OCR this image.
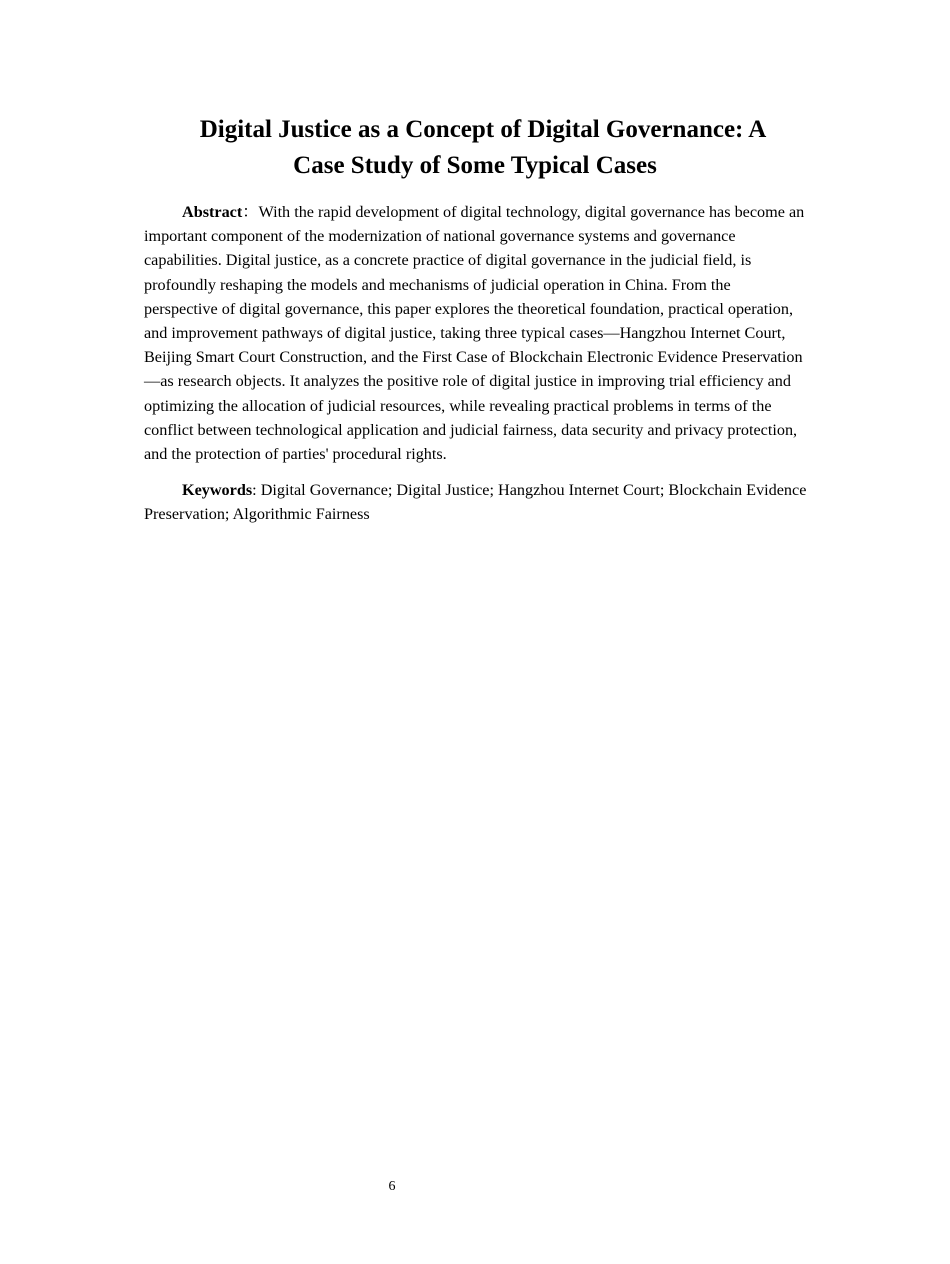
Digital Justice as a Concept of Digital Governance: A
Case Study of Some Typical Cases

Abstract：With the rapid development of digital technology, digital governance has become an important component of the modernization of national governance systems and governance capabilities. Digital justice, as a concrete practice of digital governance in the judicial field, is profoundly reshaping the models and mechanisms of judicial operation in China. From the perspective of digital governance, this paper explores the theoretical foundation, practical operation, and improvement pathways of digital justice, taking three typical cases—Hangzhou Internet Court, Beijing Smart Court Construction, and the First Case of Blockchain Electronic Evidence Preservation—as research objects. It analyzes the positive role of digital justice in improving trial efficiency and optimizing the allocation of judicial resources, while revealing practical problems in terms of the conflict between technological application and judicial fairness, data security and privacy protection, and the protection of parties' procedural rights.

Keywords: Digital Governance; Digital Justice; Hangzhou Internet Court; Blockchain Evidence Preservation; Algorithmic Fairness

6
